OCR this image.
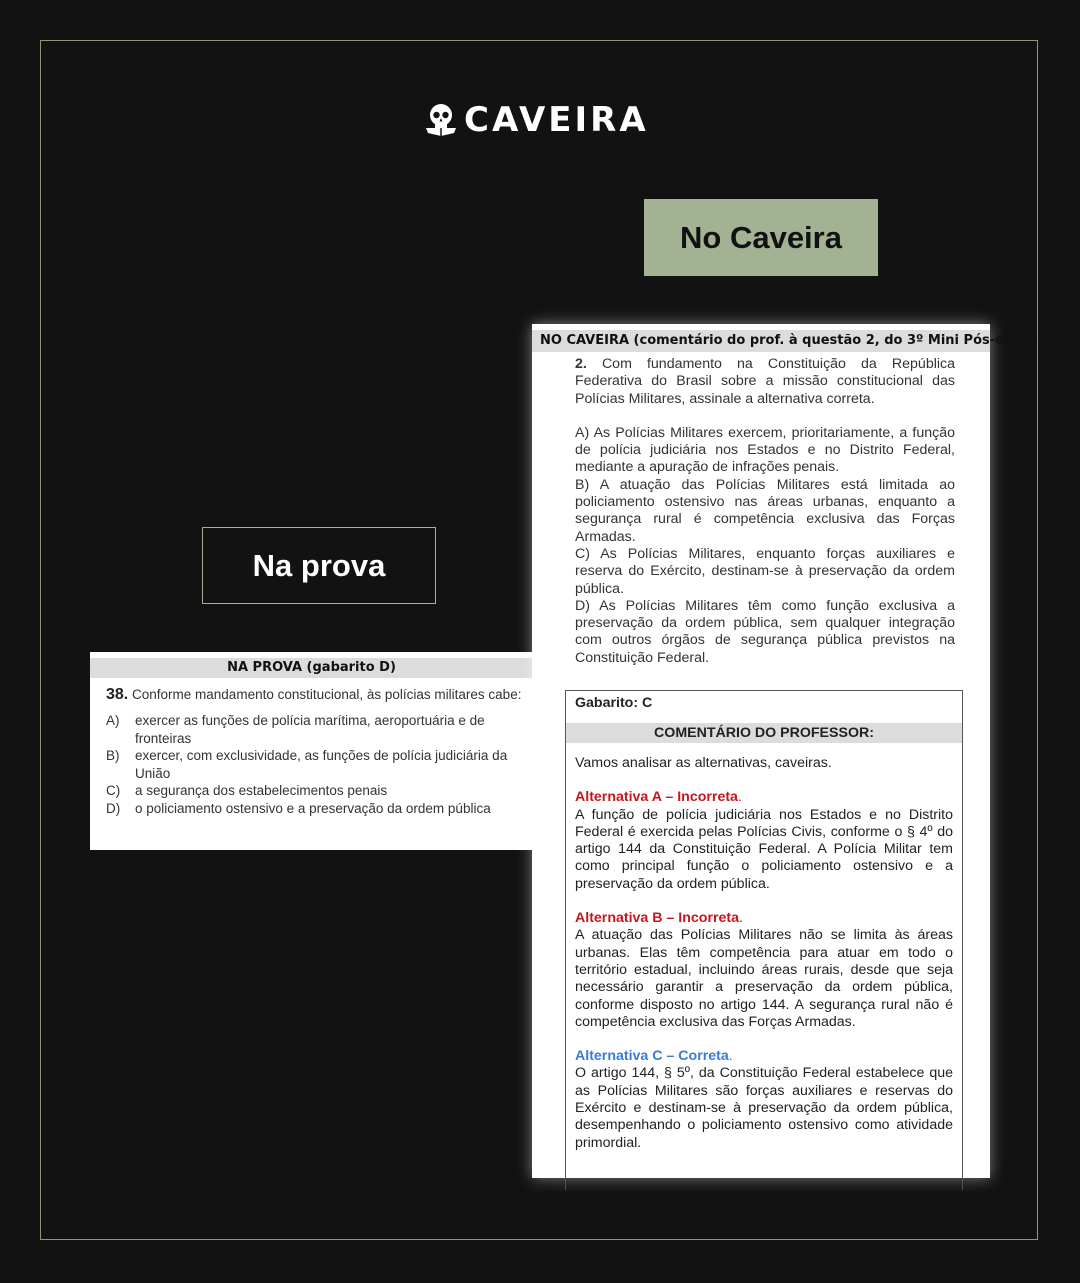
CAVEIRA
No Caveira
Na prova
NA PROVA (gabarito D)
38. Conforme mandamento constitucional, às polícias militares cabe:
A)	exercer as funções de polícia marítima, aeroportuária e de fronteiras
B)	exercer, com exclusividade, as funções de polícia judiciária da União
C)	a segurança dos estabelecimentos penais
D)	o policiamento ostensivo e a preservação da ordem pública
NO CAVEIRA (comentário do prof. à questão 2, do 3º Mini Pós-edital)

2. Com fundamento na Constituição da República Federativa do Brasil sobre a missão constitucional das Polícias Militares, assinale a alternativa correta.

A) As Polícias Militares exercem, prioritariamente, a função de polícia judiciária nos Estados e no Distrito Federal, mediante a apuração de infrações penais.

B) A atuação das Polícias Militares está limitada ao policiamento ostensivo nas áreas urbanas, enquanto a segurança rural é competência exclusiva das Forças Armadas.

C) As Polícias Militares, enquanto forças auxiliares e reserva do Exército, destinam-se à preservação da ordem pública.

D) As Polícias Militares têm como função exclusiva a preservação da ordem pública, sem qualquer integração com outros órgãos de segurança pública previstos na Constituição Federal.

Gabarito: C
COMENTÁRIO DO PROFESSOR:

Vamos analisar as alternativas, caveiras.

Alternativa A – Incorreta.

A função de polícia judiciária nos Estados e no Distrito Federal é exercida pelas Polícias Civis, conforme o § 4º do artigo 144 da Constituição Federal. A Polícia Militar tem como principal função o policiamento ostensivo e a preservação da ordem pública.

Alternativa B – Incorreta.

A atuação das Polícias Militares não se limita às áreas urbanas. Elas têm competência para atuar em todo o território estadual, incluindo áreas rurais, desde que seja necessário garantir a preservação da ordem pública, conforme disposto no artigo 144. A segurança rural não é competência exclusiva das Forças Armadas.

Alternativa C – Correta.

O artigo 144, § 5º, da Constituição Federal estabelece que as Polícias Militares são forças auxiliares e reservas do Exército e destinam-se à preservação da ordem pública, desempenhando o policiamento ostensivo como atividade primordial.
